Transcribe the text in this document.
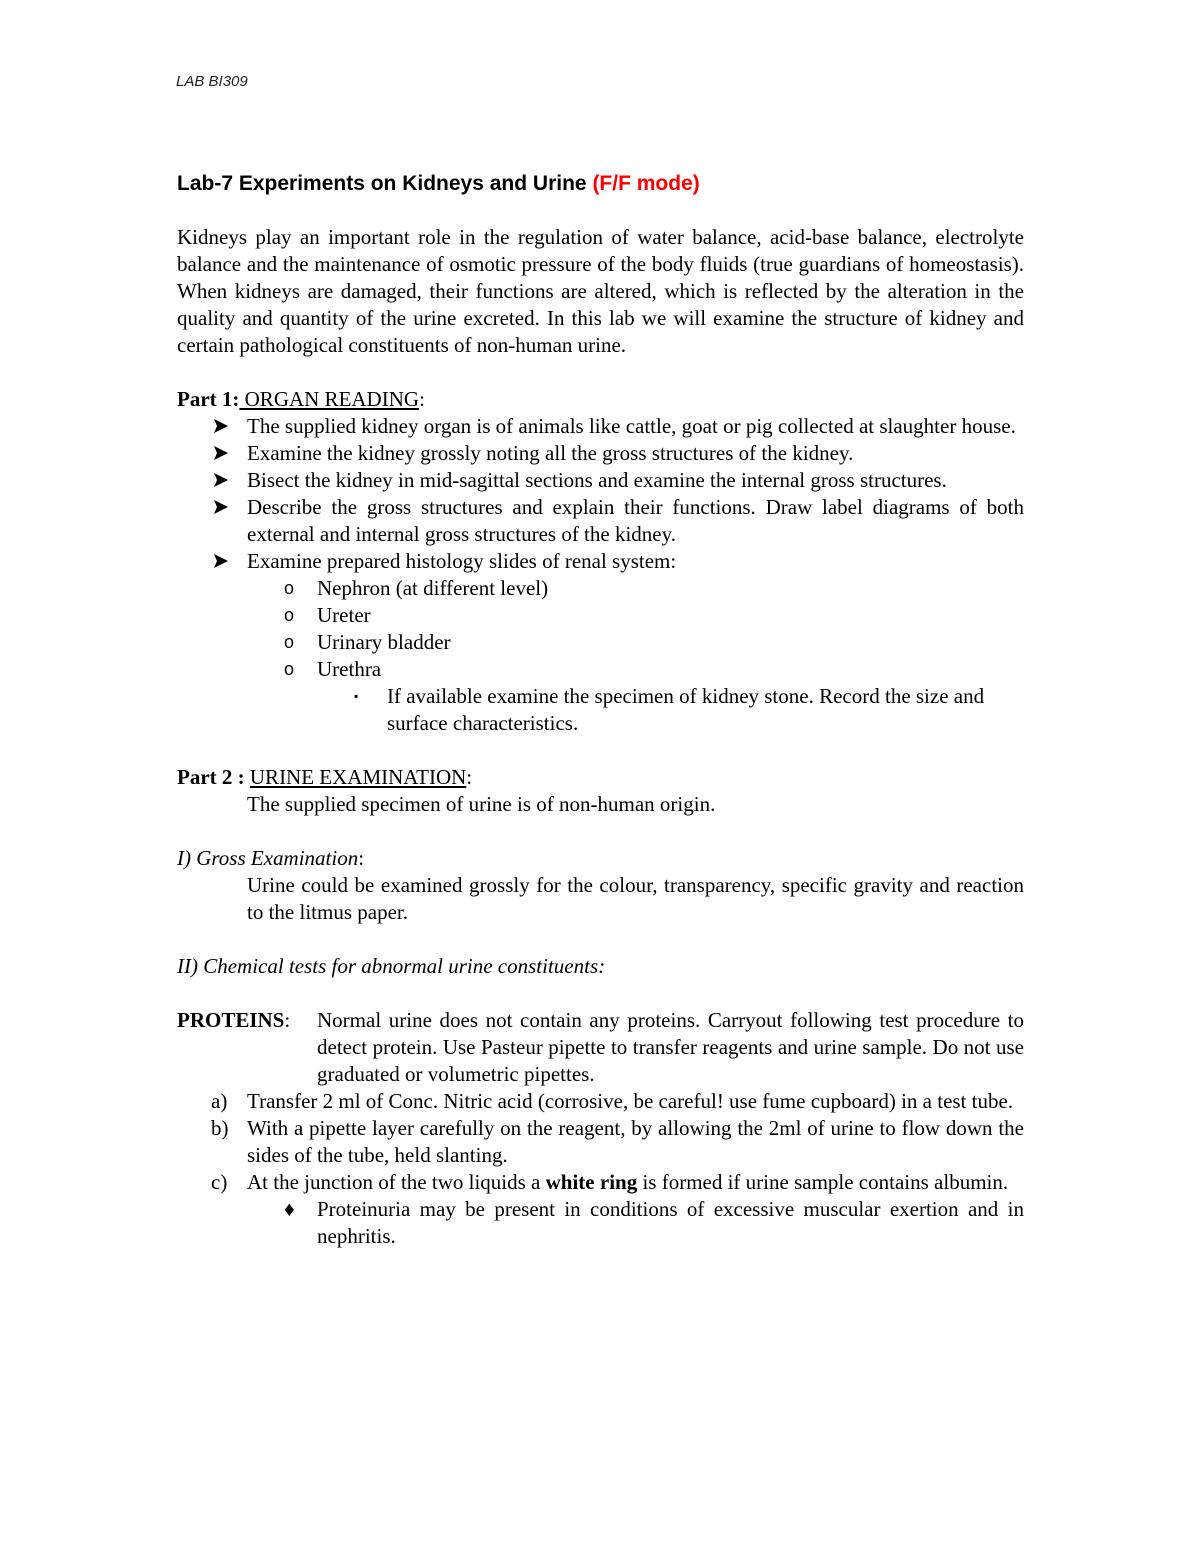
LAB BI309
Lab-7 Experiments on Kidneys and Urine (F/F mode)

Kidneys play an important role in the regulation of water balance, acid-base balance, electrolyte balance and the maintenance of osmotic pressure of the body fluids (true guardians of homeostasis). When kidneys are damaged, their functions are altered, which is reflected by the alteration in the quality and quantity of the urine excreted. In this lab we will examine the structure of kidney and certain pathological constituents of non-human urine.

Part 1: ORGAN READING:

The supplied kidney organ is of animals like cattle, goat or pig collected at slaughter house.
Examine the kidney grossly noting all the gross structures of the kidney.
Bisect the kidney in mid-sagittal sections and examine the internal gross structures.
Describe the gross structures and explain their functions. Draw label diagrams of both external and internal gross structures of the kidney.
Examine prepared histology slides of renal system:
o Nephron (at different level)
o Ureter
o Urinary bladder
o Urethra
▪ If available examine the specimen of kidney stone. Record the size and surface characteristics.

Part 2 : URINE EXAMINATION:

The supplied specimen of urine is of non-human origin.

I) Gross Examination:

Urine could be examined grossly for the colour, transparency, specific gravity and reaction to the litmus paper.

II) Chemical tests for abnormal urine constituents:

PROTEINS: Normal urine does not contain any proteins. Carryout following test procedure to detect protein. Use Pasteur pipette to transfer reagents and urine sample. Do not use graduated or volumetric pipettes.
a) Transfer 2 ml of Conc. Nitric acid (corrosive, be careful! use fume cupboard) in a test tube.
b) With a pipette layer carefully on the reagent, by allowing the 2ml of urine to flow down the sides of the tube, held slanting.
c) At the junction of the two liquids a white ring is formed if urine sample contains albumin.
♦ Proteinuria may be present in conditions of excessive muscular exertion and in nephritis.
